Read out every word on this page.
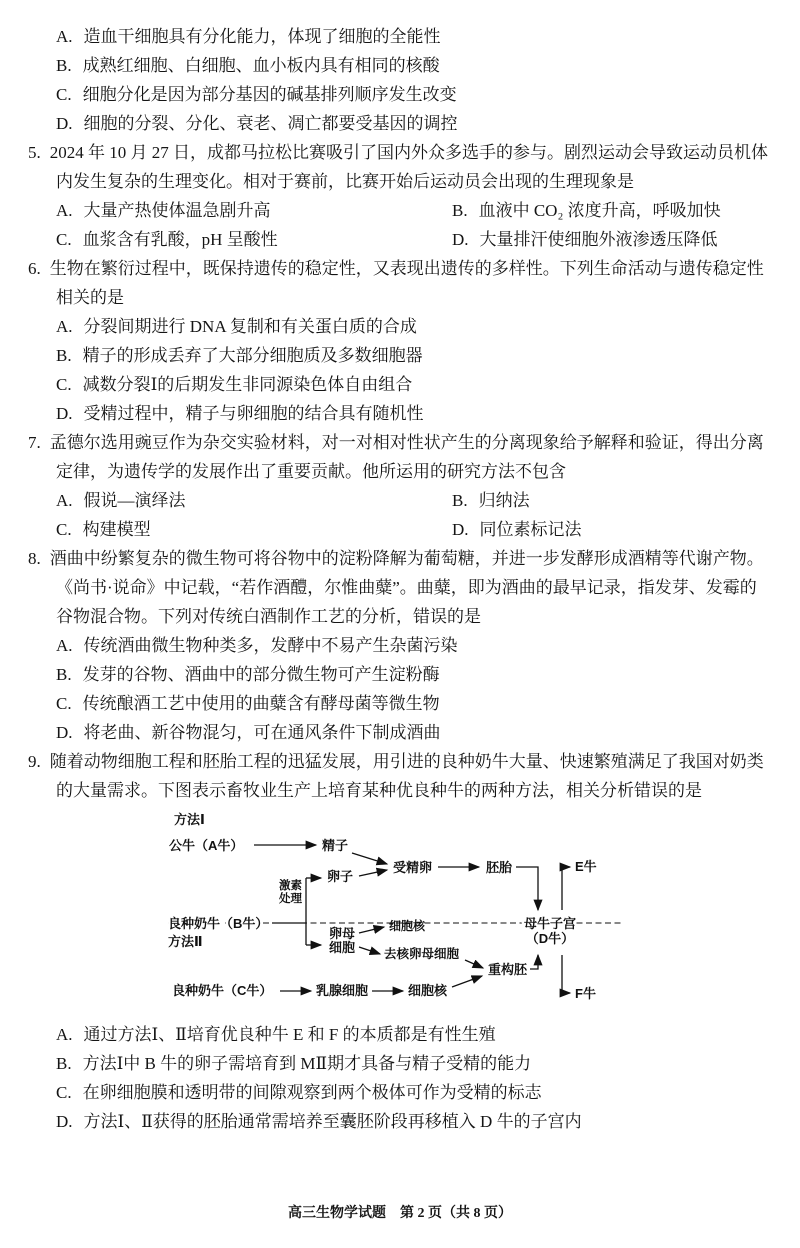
A. 造血干细胞具有分化能力，体现了细胞的全能性
B. 成熟红细胞、白细胞、血小板内具有相同的核酸
C. 细胞分化是因为部分基因的碱基排列顺序发生改变
D. 细胞的分裂、分化、衰老、凋亡都要受基因的调控

5. 2024 年 10 月 27 日，成都马拉松比赛吸引了国内外众多选手的参与。剧烈运动会导致运动员机体内发生复杂的生理变化。相对于赛前，比赛开始后运动员会出现的生理现象是

A. 大量产热使体温急剧升高	B. 血液中 CO₂ 浓度升高，呼吸加快
C. 血浆含有乳酸，pH 呈酸性	D. 大量排汗使细胞外液渗透压降低

6. 生物在繁衍过程中，既保持遗传的稳定性，又表现出遗传的多样性。下列生命活动与遗传稳定性相关的是

A. 分裂间期进行 DNA 复制和有关蛋白质的合成
B. 精子的形成丢弃了大部分细胞质及多数细胞器
C. 减数分裂Ⅰ的后期发生非同源染色体自由组合
D. 受精过程中，精子与卵细胞的结合具有随机性

7. 孟德尔选用豌豆作为杂交实验材料，对一对相对性状产生的分离现象给予解释和验证，得出分离定律，为遗传学的发展作出了重要贡献。他所运用的研究方法不包含

A. 假说—演绎法	B. 归纳法
C. 构建模型	D. 同位素标记法

8. 酒曲中纷繁复杂的微生物可将谷物中的淀粉降解为葡萄糖，并进一步发酵形成酒精等代谢产物。《尚书·说命》中记载，“若作酒醴，尔惟曲糵”。曲糵，即为酒曲的最早记录，指发芽、发霉的谷物混合物。下列对传统白酒制作工艺的分析，错误的是

A. 传统酒曲微生物种类多，发酵中不易产生杂菌污染
B. 发芽的谷物、酒曲中的部分微生物可产生淀粉酶
C. 传统酿酒工艺中使用的曲糵含有酵母菌等微生物
D. 将老曲、新谷物混匀，可在通风条件下制成酒曲

9. 随着动物细胞工程和胚胎工程的迅猛发展，用引进的良种奶牛大量、快速繁殖满足了我国对奶类的大量需求。下图表示畜牧业生产上培育某种优良种牛的两种方法，相关分析错误的是

方法Ⅰ
公牛（A牛）	精子
卵子
激素
处理
良种奶牛（B牛）
方法Ⅱ
卵母
细胞
细胞核
去核卵母细胞
受精卵	胚胎	E牛
母牛子宫
（D牛）
重构胚
良种奶牛（C牛）	乳腺细胞	细胞核	F牛
A. 通过方法Ⅰ、Ⅱ培育优良种牛 E 和 F 的本质都是有性生殖
B. 方法Ⅰ中 B 牛的卵子需培育到 MⅡ期才具备与精子受精的能力
C. 在卵细胞膜和透明带的间隙观察到两个极体可作为受精的标志
D. 方法Ⅰ、Ⅱ获得的胚胎通常需培养至囊胚阶段再移植入 D 牛的子宫内
高三生物学试题　第 2 页（共 8 页）
